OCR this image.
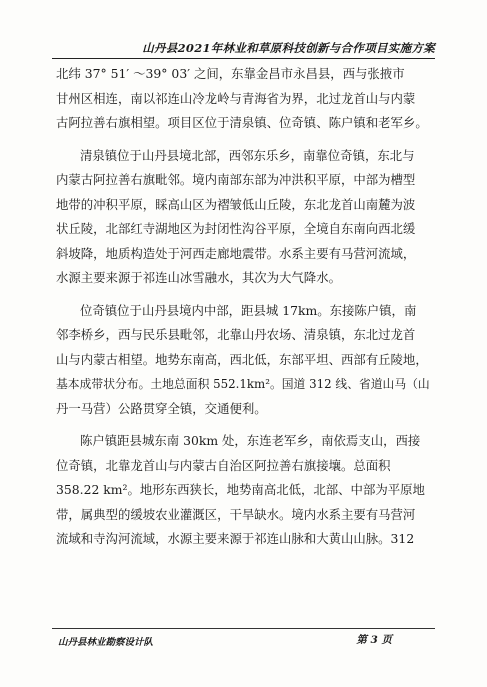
山丹县2021年林业和草原科技创新与合作项目实施方案

北纬 37° 51′ ～39° 03′ 之间，东靠金昌市永昌县，西与张掖市
甘州区相连，南以祁连山冷龙岭与青海省为界，北过龙首山与内蒙
古阿拉善右旗相望。项目区位于清泉镇、位奇镇、陈户镇和老军乡。

清泉镇位于山丹县境北部，西邻东乐乡，南靠位奇镇，东北与
内蒙古阿拉善右旗毗邻。境内南部东部为冲洪积平原，中部为槽型
地带的冲积平原，睬高山区为褶皱低山丘陵，东北龙首山南麓为波
状丘陵，北部红寺湖地区为封闭性沟谷平原，全境自东南向西北缓
斜坡降，地质构造处于河西走廊地震带。水系主要有马营河流域，
水源主要来源于祁连山冰雪融水，其次为大气降水。

位奇镇位于山丹县境内中部，距县城 17km。东接陈户镇，南
邻李桥乡，西与民乐县毗邻，北靠山丹农场、清泉镇，东北过龙首
山与内蒙古相望。地势东南高，西北低，东部平坦、西部有丘陵地，
基本成带状分布。土地总面积 552.1km²。国道 312 线、省道山马（山
丹一马营）公路贯穿全镇，交通便利。

陈户镇距县城东南 30km 处，东连老军乡，南依焉支山，西接
位奇镇，北靠龙首山与内蒙古自治区阿拉善右旗接壤。总面积
358.22 km²。地形东西狭长，地势南高北低，北部、中部为平原地
带，属典型的缓坡农业灌溉区，干旱缺水。境内水系主要有马营河
流域和寺沟河流域，水源主要来源于祁连山脉和大黄山山脉。312

山丹县林业勘察设计队	第 3 页
